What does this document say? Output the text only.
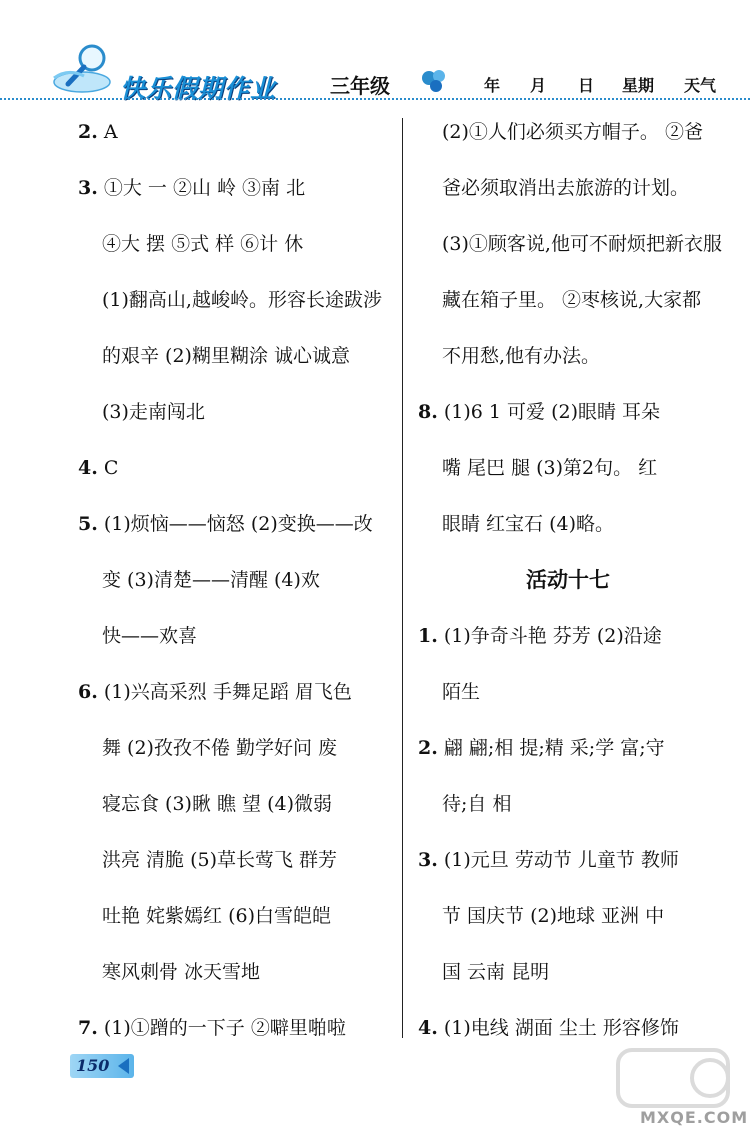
快乐假期作业	三年级	年 月 日 星期 天气
2. A
3. ①大 一 ②山 岭 ③南 北
④大 摆 ⑤式 样 ⑥计 休
(1)翻高山,越峻岭。形容长途跋涉
的艰辛 (2)糊里糊涂 诚心诚意
(3)走南闯北
4. C
5. (1)烦恼——恼怒 (2)变换——改
变 (3)清楚——清醒 (4)欢
快——欢喜
6. (1)兴高采烈 手舞足蹈 眉飞色
舞 (2)孜孜不倦 勤学好问 废
寝忘食 (3)瞅 瞧 望 (4)微弱
洪亮 清脆 (5)草长莺飞 群芳
吐艳 姹紫嫣红 (6)白雪皑皑
寒风刺骨 冰天雪地
7. (1)①蹭的一下子 ②噼里啪啦
(2)①人们必须买方帽子。 ②爸
爸必须取消出去旅游的计划。
(3)①顾客说,他可不耐烦把新衣服
藏在箱子里。 ②枣核说,大家都
不用愁,他有办法。
8. (1)6 1 可爱 (2)眼睛 耳朵
嘴 尾巴 腿 (3)第2句。 红
眼睛 红宝石 (4)略。
活动十七
1. (1)争奇斗艳 芬芳 (2)沿途
陌生
2. 翩 翩;相 提;精 采;学 富;守
待;自 相
3. (1)元旦 劳动节 儿童节 教师
节 国庆节 (2)地球 亚洲 中
国 云南 昆明
4. (1)电线 湖面 尘土 形容修饰
150
MXQE.COM
